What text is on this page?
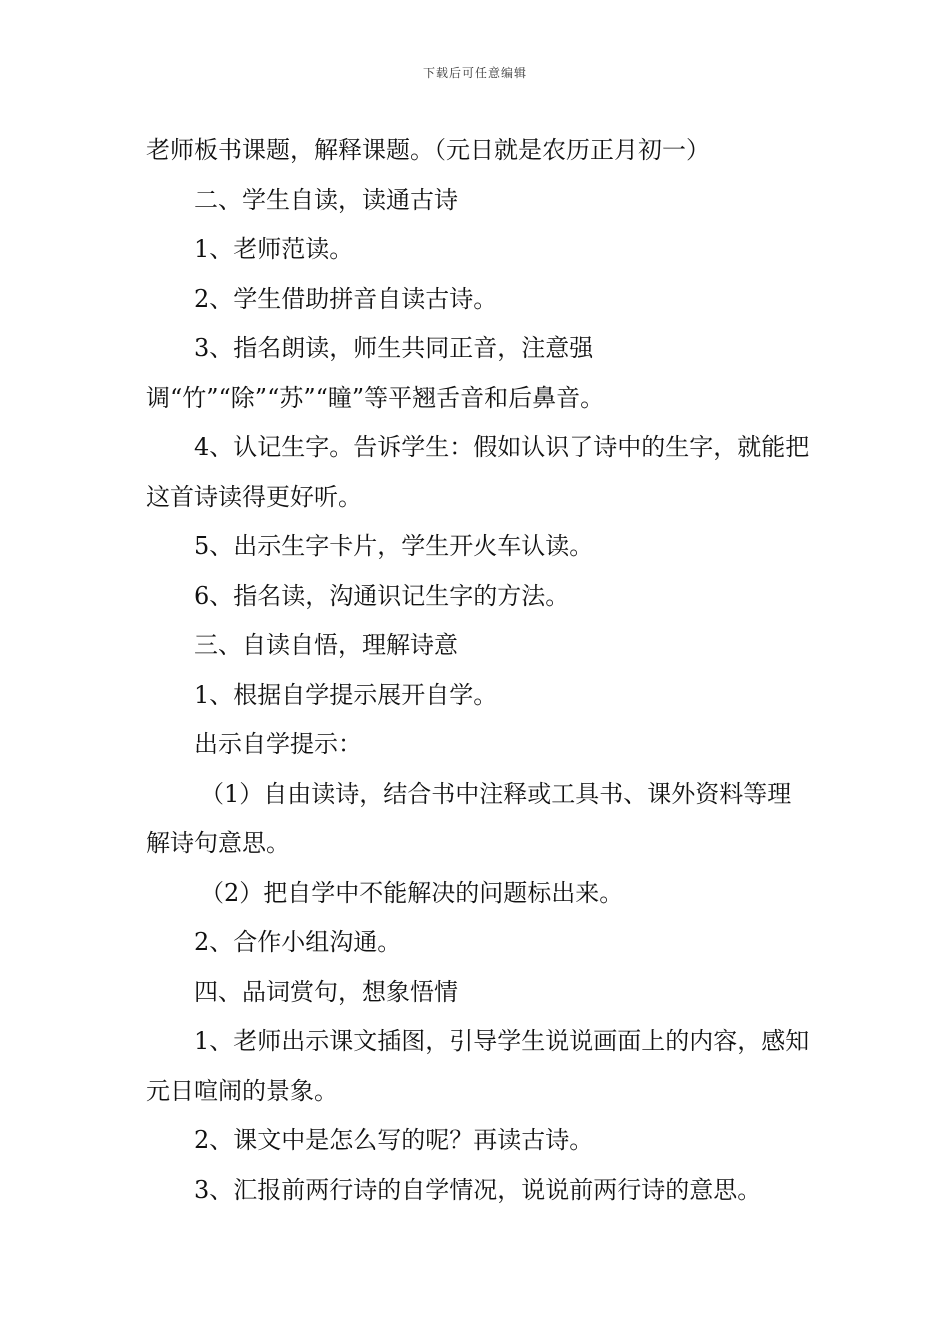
下载后可任意编辑

老师板书课题，解释课题。（元日就是农历正月初一）

二、学生自读，读通古诗

1、老师范读。

2、学生借助拼音自读古诗。

3、指名朗读，师生共同正音，注意强调“竹”“除”“苏”“瞳”等平翘舌音和后鼻音。

4、认记生字。告诉学生：假如认识了诗中的生字，就能把这首诗读得更好听。

5、出示生字卡片，学生开火车认读。

6、指名读，沟通识记生字的方法。

三、自读自悟，理解诗意

1、根据自学提示展开自学。

出示自学提示：

（1）自由读诗，结合书中注释或工具书、课外资料等理解诗句意思。

（2）把自学中不能解决的问题标出来。

2、合作小组沟通。

四、品词赏句，想象悟情

1、老师出示课文插图，引导学生说说画面上的内容，感知元日喧闹的景象。

2、课文中是怎么写的呢？再读古诗。

3、汇报前两行诗的自学情况，说说前两行诗的意思。
